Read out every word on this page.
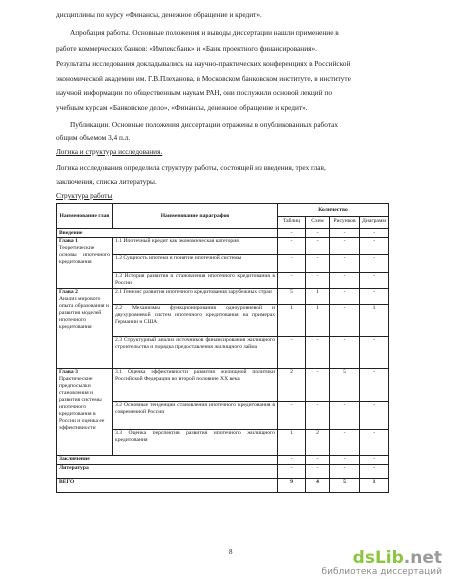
дисциплины по курсу «Финансы, денежное обращение и кредит».
Апробация работы. Основные положения и выводы диссертации нашли применение в
работе коммерческих банков: «Импексбанк» и «Банк проектного финансирования».
Результаты исследования докладывались на научно-практических конференциях в Российской
экономической академии им. Г.В.Плеханова, в Московском банковском институте, в институте
научной информации по общественным наукам РАН, они послужили основой лекций по
учебным курсам «Банковское дело», «Финансы, денежное обращение и кредит».
Публикации. Основные положения диссертации отражены в опубликованных работах
общим объемом 3,4 п.л.
Логика и структура исследования.
Логика исследования определила структуру работы, состоящей из введения, трех глав,
заключения, списка литературы.
Структура работы
Наименование глав	Наименование параграфов	Количество			
		Таблиц	Схем	Рисунков	Диаграмм
Введение		-	-	-	-

Глава 1
Теоретические основы ипотечного кредитования	1.1 Ипотечный кредит как экономическая категория	-	-	-	-
	1.2 Сущность ипотеки и понятие ипотечной системы	-	-	-	-
	1.3 История развития и становления ипотечного кредитования в России	-	-	-	-

Глава 2
Анализ мирового опыта образования и развития моделей ипотечного кредитования	2.1 Генезис развития ипотечного кредитования зарубежных стран	5	1	-	-
	2.2 Механизмы функционирования одноуровневой и двухуровневой систем ипотечного кредитования на примерах Германии и США	1	1	-	1
	2.3 Структурный анализ источников финансирования жилищного строительства и порядка предоставления жилищного займа	-	-	-	-

Глава 3
Практические предпосылки становления и развития системы ипотечного кредитования в России и оценка ее эффективности	3.1 Оценка эффективности развития жилищной политики Российской Федерации во второй половине XX века	2	-	5	-
	3.2 Основные тенденции становления ипотечного кредитования в современной России	-	-	-	-
	3.3 Оценка перспектив развития ипотечного жилищного кредитования	1	2	-	-
Заключение		-	-	-	-
Литература		-	-	-	-
ВЕГО		9	4	5	1
8	dsLib.net
библиотека диссертаций
